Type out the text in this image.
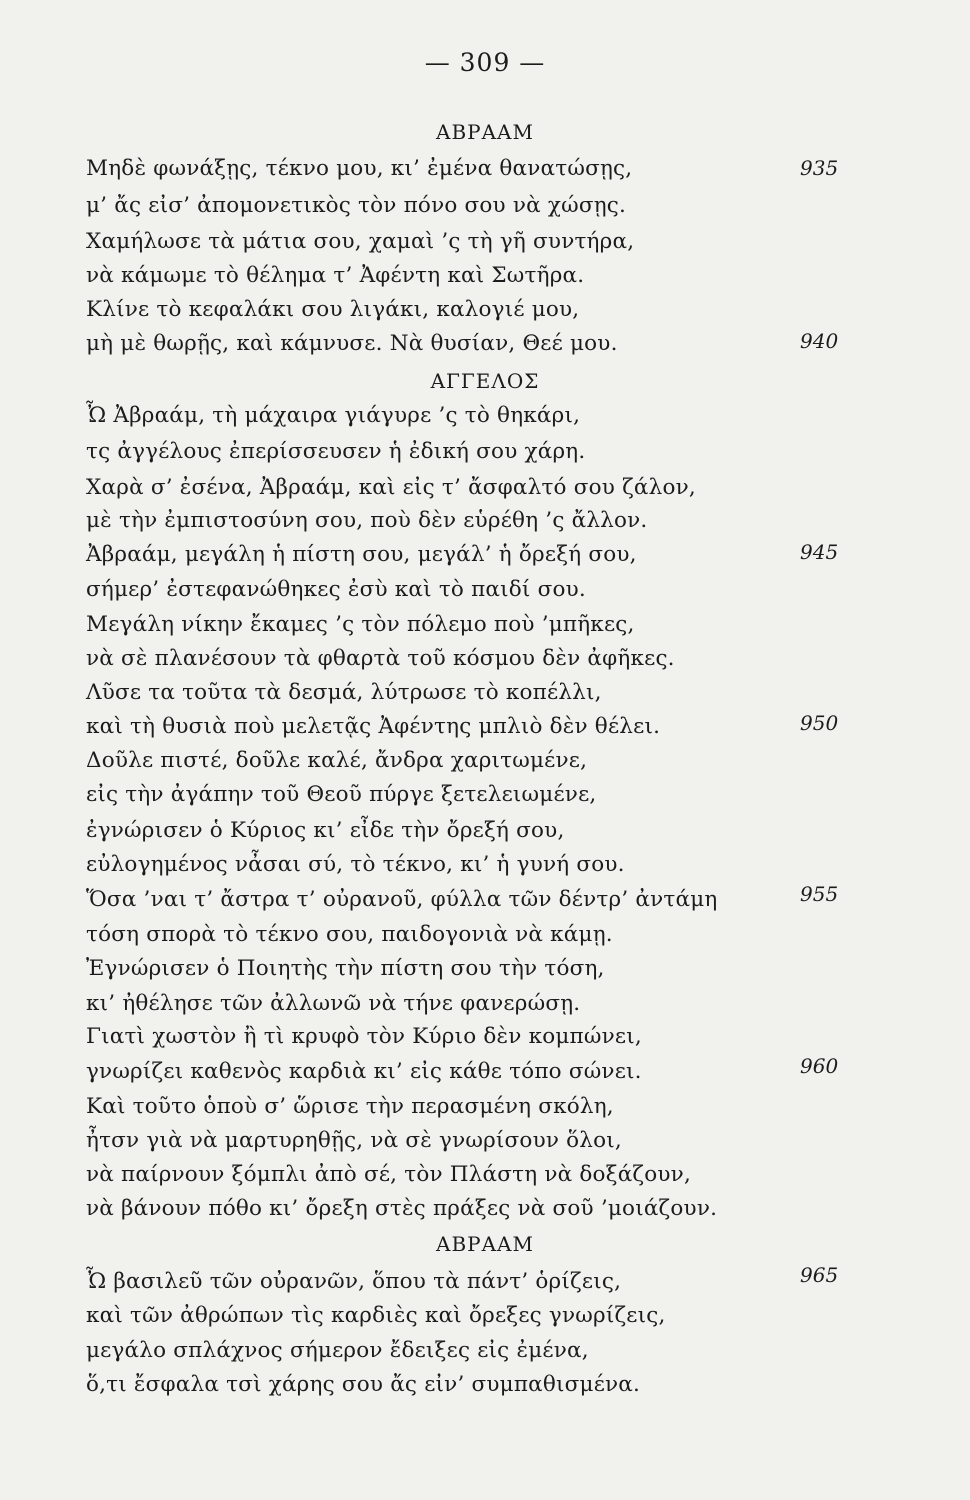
— 309 —
ΑΒΡΑΑΜ
Μηδὲ φωνάξῃς, τέκνο μου, κι’ ἐμένα θανατώσῃς,	935
μ’ ἄς εἰσ’ ἀπομονετικὸς τὸν πόνο σου νὰ χώσῃς.
Χαμήλωσε τὰ μάτια σου, χαμαὶ ’ς τὴ γῆ συντήρα,
νὰ κάμωμε τὸ θέλημα τ’ Ἀφέντη καὶ Σωτῆρα.
Κλίνε τὸ κεφαλάκι σου λιγάκι, καλογιέ μου,
μὴ μὲ θωρῇς, καὶ κάμνυσε. Νὰ θυσίαν, Θεέ μου.	940
ΑΓΓΕΛΟΣ
Ὦ Ἀβραάμ, τὴ μάχαιρα γιάγυρε ’ς τὸ θηκάρι,
τς ἀγγέλους ἐπερίσσευσεν ἡ ἐδική σου χάρη.
Χαρὰ σ’ ἐσένα, Ἀβραάμ, καὶ εἰς τ’ ἄσφαλτό σου ζάλον,
μὲ τὴν ἐμπιστοσύνη σου, ποὺ δὲν εὑρέθη ’ς ἄλλον.
Ἀβραάμ, μεγάλη ἡ πίστη σου, μεγάλ’ ἡ ὄρεξή σου,	945
σήμερ’ ἐστεφανώθηκες ἐσὺ καὶ τὸ παιδί σου.
Μεγάλη νίκην ἔκαμες ’ς τὸν πόλεμο ποὺ ’μπῆκες,
νὰ σὲ πλανέσουν τὰ φθαρτὰ τοῦ κόσμου δὲν ἀφῆκες.
Λῦσε τα τοῦτα τὰ δεσμά, λύτρωσε τὸ κοπέλλι,
καὶ τὴ θυσιὰ ποὺ μελετᾷς Ἀφέντης μπλιὸ δὲν θέλει.	950
Δοῦλε πιστέ, δοῦλε καλέ, ἄνδρα χαριτωμένε,
εἰς τὴν ἀγάπην τοῦ Θεοῦ πύργε ξετελειωμένε,
ἐγνώρισεν ὁ Κύριος κι’ εἶδε τὴν ὄρεξή σου,
εὐλογημένος νἆσαι σύ, τὸ τέκνο, κι’ ἡ γυνή σου.
Ὅσα ’ναι τ’ ἄστρα τ’ οὐρανοῦ, φύλλα τῶν δέντρ’ ἀντάμη	955
τόση σπορὰ τὸ τέκνο σου, παιδογονιὰ νὰ κάμῃ.
Ἐγνώρισεν ὁ Ποιητὴς τὴν πίστη σου τὴν τόση,
κι’ ἠθέλησε τῶν ἀλλωνῶ νὰ τήνε φανερώσῃ.
Γιατὶ χωστὸν ἢ τὶ κρυφὸ τὸν Κύριο δὲν κομπώνει,
γνωρίζει καθενὸς καρδιὰ κι’ εἰς κάθε τόπο σώνει.	960
Καὶ τοῦτο ὁποὺ σ’ ὥρισε τὴν περασμένη σκόλη,
ἦτσν γιὰ νὰ μαρτυρηθῇς, νὰ σὲ γνωρίσουν ὅλοι,
νὰ παίρνουν ξόμπλι ἀπὸ σέ, τὸν Πλάστη νὰ δοξάζουν,
νὰ βάνουν πόθο κι’ ὄρεξη στὲς πράξες νὰ σοῦ ’μοιάζουν.
ΑΒΡΑΑΜ
Ὦ βασιλεῦ τῶν οὐρανῶν, ὅπου τὰ πάντ’ ὁρίζεις,	965
καὶ τῶν ἀθρώπων τὶς καρδιὲς καὶ ὄρεξες γνωρίζεις,
μεγάλο σπλάχνος σήμερον ἔδειξες εἰς ἐμένα,
ὅ,τι ἔσφαλα τσὶ χάρης σου ἄς εἰν’ συμπαθισμένα.
